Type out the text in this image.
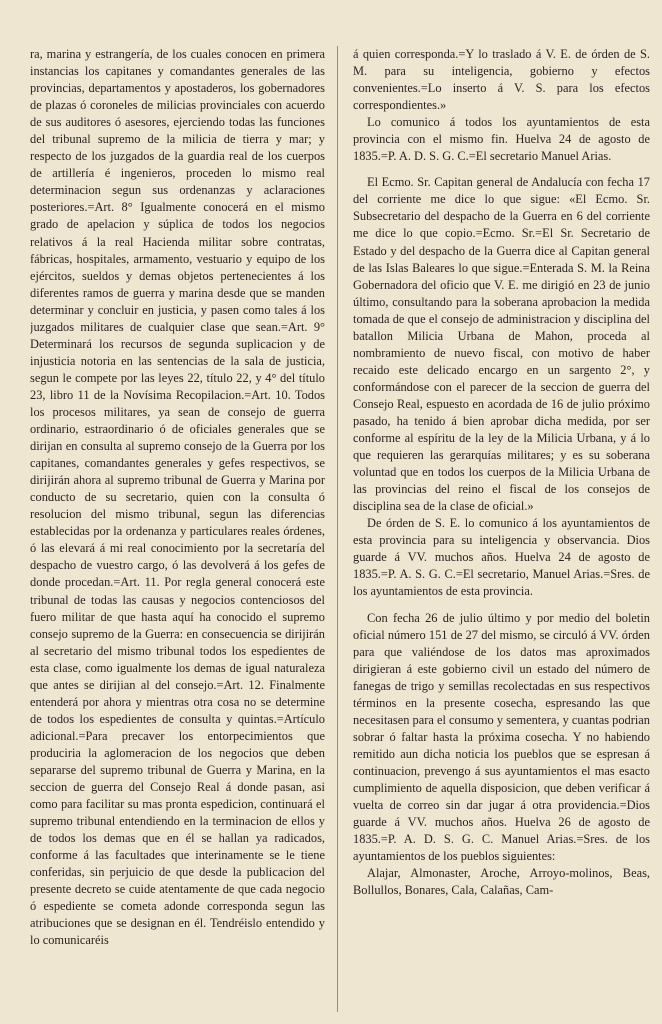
ra, marina y estrangería, de los cuales conocen en primera instancias los capitanes y comandantes generales de las provincias, departamentos y apostaderos, los gobernadores de plazas ó coroneles de milicias provinciales con acuerdo de sus auditores ó asesores, ejerciendo todas las funciones del tribunal supremo de la milicia de tierra y mar; y respecto de los juzgados de la guardia real de los cuerpos de artillería é ingenieros, proceden lo mismo real determinacion segun sus ordenanzas y aclaraciones posteriores.=Art. 8° Igualmente conocerá en el mismo grado de apelacion y súplica de todos los negocios relativos á la real Hacienda militar sobre contratas, fábricas, hospitales, armamento, vestuario y equipo de los ejércitos, sueldos y demas objetos pertenecientes á los diferentes ramos de guerra y marina desde que se manden determinar y concluir en justicia, y pasen como tales á los juzgados militares de cualquier clase que sean.=Art. 9° Determinará los recursos de segunda suplicacion y de injusticia notoria en las sentencias de la sala de justicia, segun le compete por las leyes 22, título 22, y 4° del título 23, libro 11 de la Novísima Recopilacion.=Art. 10. Todos los procesos militares, ya sean de consejo de guerra ordinario, estraordinario ó de oficiales generales que se dirijan en consulta al supremo consejo de la Guerra por los capitanes, comandantes generales y gefes respectivos, se dirijirán ahora al supremo tribunal de Guerra y Marina por conducto de su secretario, quien con la consulta ó resolucion del mismo tribunal, segun las diferencias establecidas por la ordenanza y particulares reales órdenes, ó las elevará á mi real conocimiento por la secretaría del despacho de vuestro cargo, ó las devolverá á los gefes de donde procedan.=Art. 11. Por regla general conocerá este tribunal de todas las causas y negocios contenciosos del fuero militar de que hasta aquí ha conocido el supremo consejo supremo de la Guerra: en consecuencia se dirijirán al secretario del mismo tribunal todos los espedientes de esta clase, como igualmente los demas de igual naturaleza que antes se dirijian al del consejo.=Art. 12. Finalmente entenderá por ahora y mientras otra cosa no se determine de todos los espedientes de consulta y quintas.=Artículo adicional.=Para precaver los entorpecimientos que produciria la aglomeracion de los negocios que deben separarse del supremo tribunal de Guerra y Marina, en la seccion de guerra del Consejo Real á donde pasan, asi como para facilitar su mas pronta espedicion, continuará el supremo tribunal entendiendo en la terminacion de ellos y de todos los demas que en él se hallan ya radicados, conforme á las facultades que interinamente se le tiene conferidas, sin perjuicio de que desde la publicacion del presente decreto se cuide atentamente de que cada negocio ó espediente se cometa adonde corresponda segun las atribuciones que se designan en él. Tendréislo entendido y lo comunicaréis

á quien corresponda.=Y lo traslado á V. E. de órden de S. M. para su inteligencia, gobierno y efectos convenientes.=Lo inserto á V. S. para los efectos correspondientes.»

Lo comunico á todos los ayuntamientos de esta provincia con el mismo fin. Huelva 24 de agosto de 1835.=P. A. D. S. G. C.=El secretario Manuel Arias.

El Ecmo. Sr. Capitan general de Andalucía con fecha 17 del corriente me dice lo que sigue: «El Ecmo. Sr. Subsecretario del despacho de la Guerra en 6 del corriente me dice lo que copio.=Ecmo. Sr.=El Sr. Secretario de Estado y del despacho de la Guerra dice al Capitan general de las Islas Baleares lo que sigue.=Enterada S. M. la Reina Gobernadora del oficio que V. E. me dirigió en 23 de junio último, consultando para la soberana aprobacion la medida tomada de que el consejo de administracion y disciplina del batallon Milicia Urbana de Mahon, proceda al nombramiento de nuevo fiscal, con motivo de haber recaido este delicado encargo en un sargento 2°, y conformándose con el parecer de la seccion de guerra del Consejo Real, espuesto en acordada de 16 de julio próximo pasado, ha tenido á bien aprobar dicha medida, por ser conforme al espíritu de la ley de la Milicia Urbana, y á lo que requieren las gerarquías militares; y es su soberana voluntad que en todos los cuerpos de la Milicia Urbana de las provincias del reino el fiscal de los consejos de disciplina sea de la clase de oficial.»

De órden de S. E. lo comunico á los ayuntamientos de esta provincia para su inteligencia y observancia. Dios guarde á VV. muchos años. Huelva 24 de agosto de 1835.=P. A. S. G. C.=El secretario, Manuel Arias.=Sres. de los ayuntamientos de esta provincia.

Con fecha 26 de julio último y por medio del boletin oficial número 151 de 27 del mismo, se circuló á VV. órden para que valiéndose de los datos mas aproximados dirigieran á este gobierno civil un estado del número de fanegas de trigo y semillas recolectadas en sus respectivos términos en la presente cosecha, espresando las que necesitasen para el consumo y sementera, y cuantas podrian sobrar ó faltar hasta la próxima cosecha. Y no habiendo remitido aun dicha noticia los pueblos que se espresan á continuacion, prevengo á sus ayuntamientos el mas esacto cumplimiento de aquella disposicion, que deben verificar á vuelta de correo sin dar jugar á otra providencia.=Dios guarde á VV. muchos años. Huelva 26 de agosto de 1835.=P. A. D. S. G. C. Manuel Arias.=Sres. de los ayuntamientos de los pueblos siguientes:

Alajar, Almonaster, Aroche, Arroyo-molinos, Beas, Bollullos, Bonares, Cala, Calañas, Cam-
